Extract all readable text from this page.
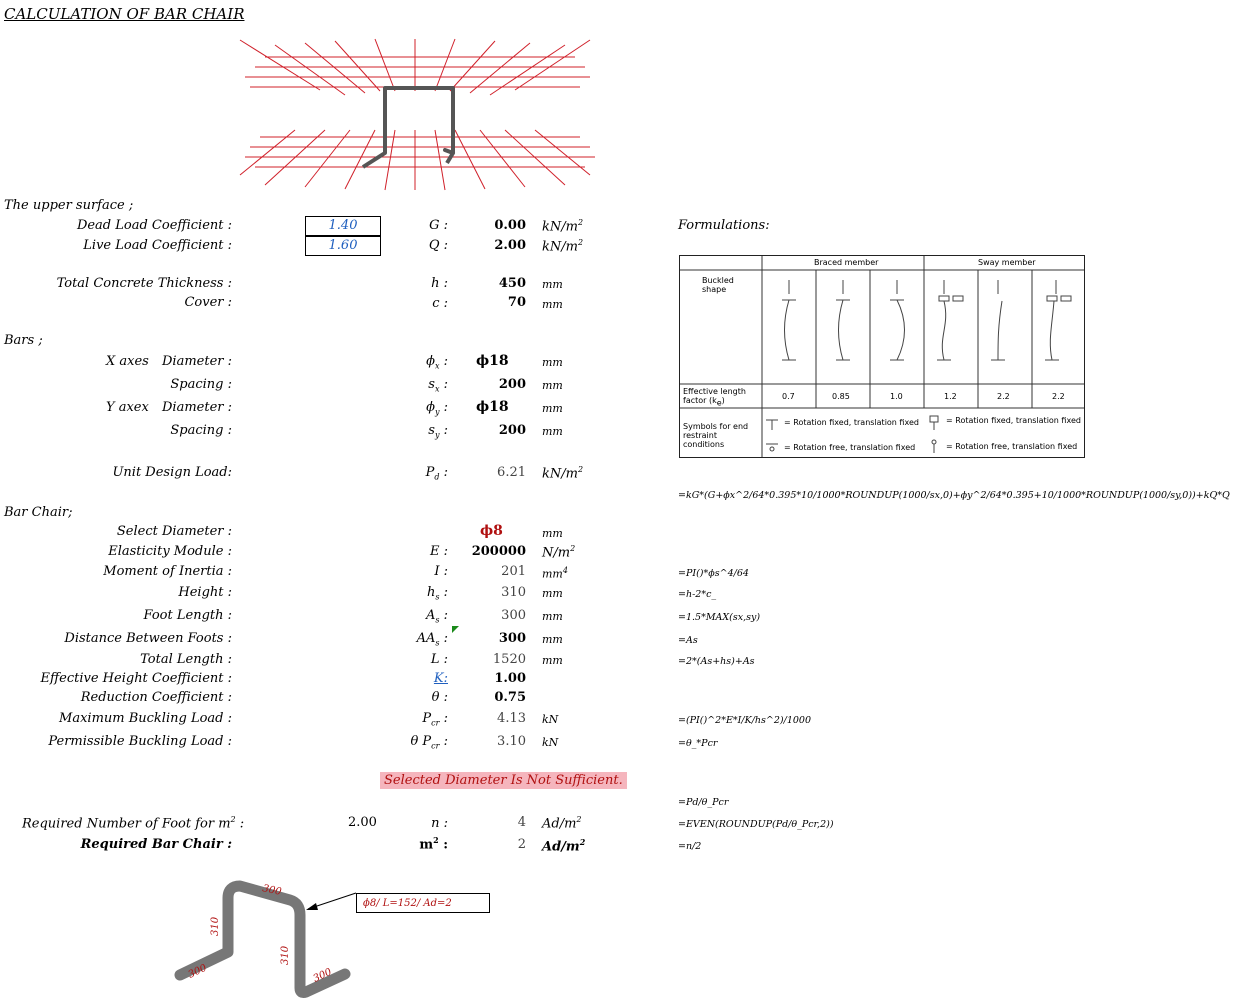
CALCULATION OF BAR CHAIR
The upper surface ;
Dead Load Coefficient :	1.40	G :	0.00 $kN/m^2$
Live Load Coefficient :	1.60	Q :	2.00 $kN/m^2$
Total Concrete Thickness :	h :	450 mm
Cover :	c :	70 mm
Bars ;
X axes	Diameter :	$\phi_x$ : ϕ18	mm
Spacing :	$s_x$ :	200 mm
Y axex	Diameter :	$\phi_y$ : ϕ18	mm
Spacing :	$s_y$ :	200 mm
Unit Design Load:	$P_d$ :	6.21 $kN/m^2$
Bar Chair;
Select Diameter :	ϕ8	mm
Elasticity Module :	E :	200000 $N/m^2$
Moment of Inertia :	I :	201 $mm^4$
Height :	$h_s$ :	310 mm
Foot Length :	$A_s$ :	300 mm
Distance Between Foots :	$AA_s$ :	300 mm
Total Length :	L :	1520 mm
Effective Height Coefficient :	K:	1.00
Reduction Coefficient :	θ :	0.75
Maximum Buckling Load :	$P_{cr}$ :	4.13 kN
Permissible Buckling Load :	θ $P_{cr}$ :	3.10 kN
Selected Diameter Is Not Sufficient.
Required Number of Foot for $m^2$ :	2.00	n :	4 $Ad/m^2$
Required Bar Chair :	$m^2$ :	2 $Ad/m^2$
Formulations:
=kG*(G+ϕx^2/64*0.395*10/1000*ROUNDUP(1000/sx,0)+ϕy^2/64*0.395+10/1000*ROUNDUP(1000/sy,0))+kQ*Q
=PI()*ϕs^4/64
=h-2*c_
=1.5*MAX(sx,sy)
=As
=2*(As+hs)+As
=(PI()^2*E*I/K/hs^2)/1000
=θ_*Pcr
=Pd/θ_Pcr
=EVEN(ROUNDUP(Pd/θ_Pcr,2))
=n/2
Braced member	Sway member
Buckled shape
Effective length factor $(k_e)$	0.7	0.85	1.0	1.2	2.2	2.2
Symbols for end restraint conditions
= Rotation fixed, translation fixed	= Rotation fixed, translation fixed
= Rotation free, translation fixed	= Rotation free, translation fixed
300
310
310
300	300
ϕ8/ L=152/ Ad=2
